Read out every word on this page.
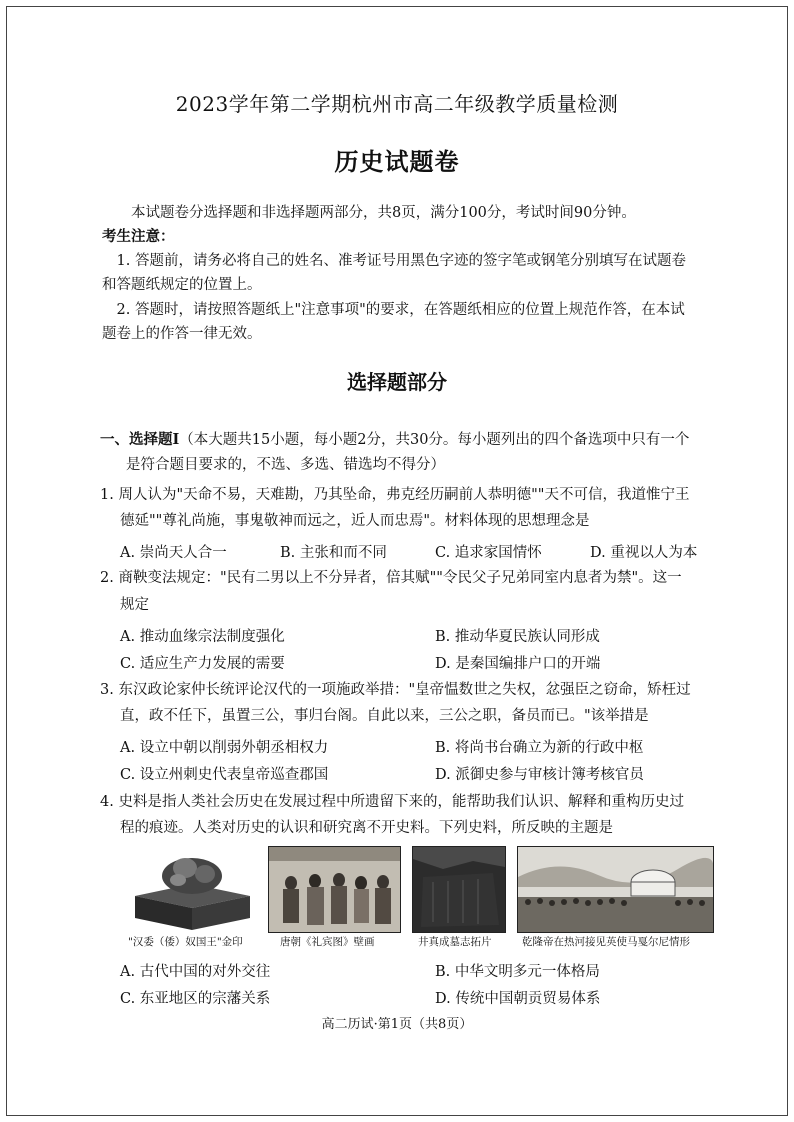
2023学年第二学期杭州市高二年级教学质量检测
历史试题卷
本试题卷分选择题和非选择题两部分，共8页，满分100分，考试时间90分钟。
考生注意：
1. 答题前，请务必将自己的姓名、准考证号用黑色字迹的签字笔或钢笔分别填写在试题卷
和答题纸规定的位置上。
2. 答题时，请按照答题纸上"注意事项"的要求，在答题纸相应的位置上规范作答，在本试
题卷上的作答一律无效。
选择题部分
一、选择题Ⅰ（本大题共15小题，每小题2分，共30分。每小题列出的四个备选项中只有一个
是符合题目要求的，不选、多选、错选均不得分）
1. 周人认为"天命不易，天难勘，乃其坠命，弗克经历嗣前人恭明德""天不可信，我道惟宁王
德延""尊礼尚施，事鬼敬神而远之，近人而忠焉"。材料体现的思想理念是
A. 崇尚天人合一	B. 主张和而不同	C. 追求家国情怀	D. 重视以人为本
2. 商鞅变法规定："民有二男以上不分异者，倍其赋""令民父子兄弟同室内息者为禁"。这一
规定
A. 推动血缘宗法制度强化	B. 推动华夏民族认同形成
C. 适应生产力发展的需要	D. 是秦国编排户口的开端
3. 东汉政论家仲长统评论汉代的一项施政举措："皇帝愠数世之失权，忿强臣之窃命，矫枉过
直，政不任下，虽置三公，事归台阁。自此以来，三公之职，备员而已。"该举措是
A. 设立中朝以削弱外朝丞相权力	B. 将尚书台确立为新的行政中枢
C. 设立州刺史代表皇帝巡查郡国	D. 派御史参与审核计簿考核官员
4. 史料是指人类社会历史在发展过程中所遗留下来的，能帮助我们认识、解释和重构历史过
程的痕迹。人类对历史的认识和研究离不开史料。下列史料，所反映的主题是
"汉委（倭）奴国王"金印	唐朝《礼宾图》壁画	井真成墓志拓片	乾隆帝在热河接见英使马戛尔尼情形
A. 古代中国的对外交往	B. 中华文明多元一体格局
C. 东亚地区的宗藩关系	D. 传统中国朝贡贸易体系
高二历试·第1页（共8页）
